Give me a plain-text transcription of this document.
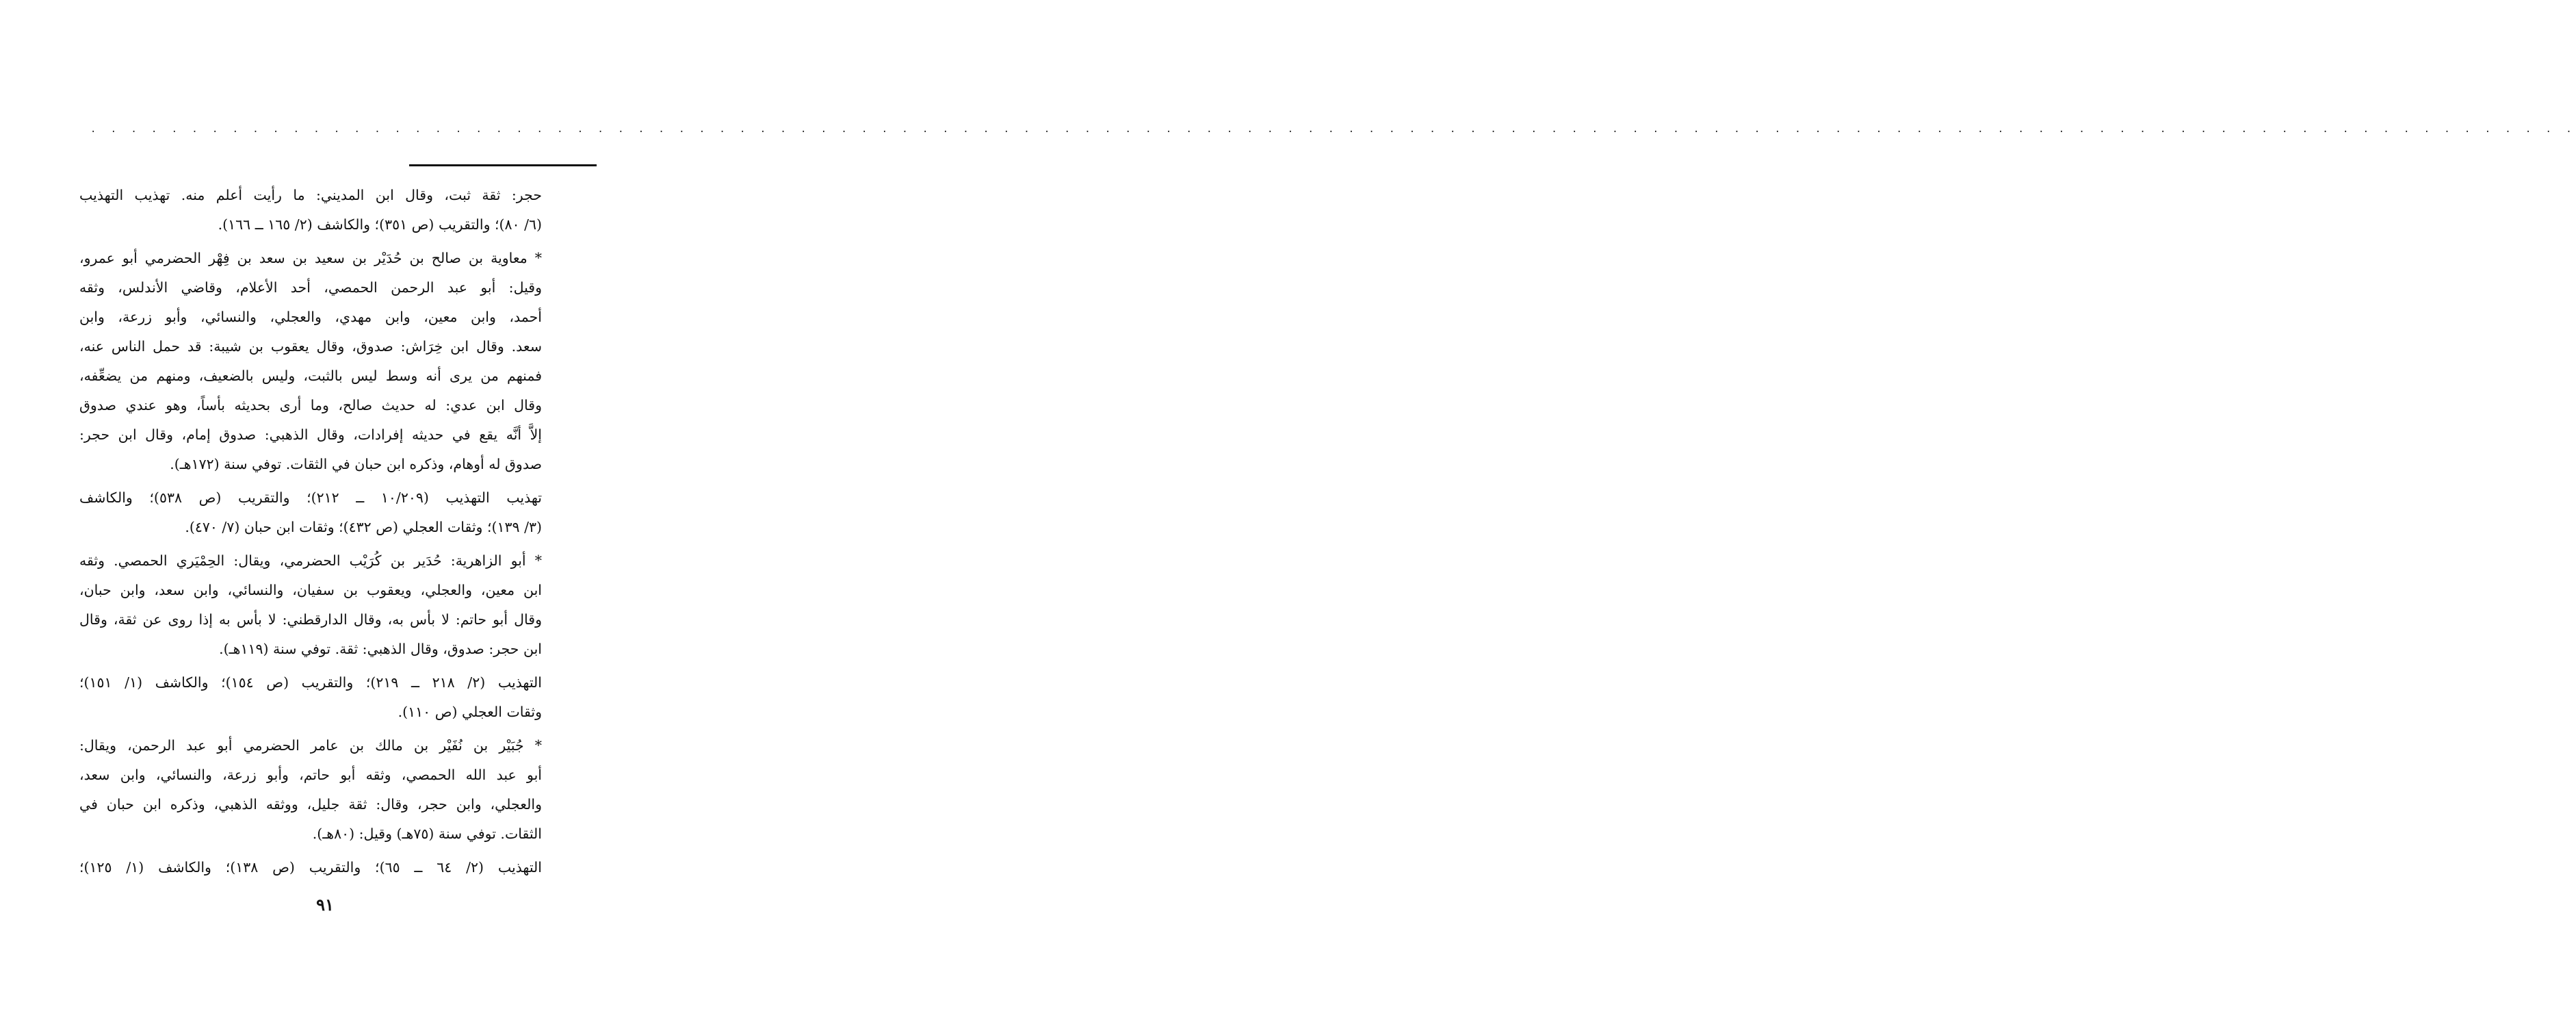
. . . . . . . . . . . . . . . . . . . . . . . . . . . . . . . . . . . . . . . . . . . . . . . . . . . . . . . . . . . . . . . . . . . . . . . . . . . . . . . . . . . . . . . . . . . . . . . . . . . . . . . . . . . . . . . . . . . . . . . . . . .
حجر: ثقة ثبت، وقال ابن المديني: ما رأيت أعلم منه. تهذيب التهذيب
(٦/ ٨٠)؛ والتقريب (ص ٣٥١)؛ والكاشف (٢/ ١٦٥ ــ ١٦٦).
* معاوية بن صالح بن حُدَيْر بن سعيد بن سعد بن فِهْر الحضرمي أبو عمرو،
وقيل: أبو عبد الرحمن الحمصي، أحد الأعلام، وقاضي الأندلس، وثقه
أحمد، وابن معين، وابن مهدي، والعجلي، والنسائي، وأبو زرعة، وابن
سعد. وقال ابن خِرَاش: صدوق، وقال يعقوب بن شيبة: قد حمل الناس عنه،
فمنهم من يرى أنه وسط ليس بالثبت، وليس بالضعيف، ومنهم من يضعِّفه،
وقال ابن عدي: له حديث صالح، وما أرى بحديثه بأساً، وهو عندي صدوق
إلاَّ أنَّه يقع في حديثه إفرادات، وقال الذهبي: صدوق إمام، وقال ابن حجر:
صدوق له أوهام، وذكره ابن حبان في الثقات. توفي سنة (١٧٢هـ).
تهذيب التهذيب (١٠/٢٠٩ ــ ٢١٢)؛ والتقريب (ص ٥٣٨)؛ والكاشف
(٣/ ١٣٩)؛ وثقات العجلي (ص ٤٣٢)؛ وثقات ابن حبان (٧/ ٤٧٠).
* أبو الزاهرية: حُدَير بن كُرَيْب الحضرمي، ويقال: الحِمْيَري الحمصي. وثقه
ابن معين، والعجلي، ويعقوب بن سفيان، والنسائي، وابن سعد، وابن حبان،
وقال أبو حاتم: لا بأس به، وقال الدارقطني: لا بأس به إذا روى عن ثقة، وقال
ابن حجر: صدوق، وقال الذهبي: ثقة. توفي سنة (١١٩هـ).
التهذيب (٢/ ٢١٨ ــ ٢١٩)؛ والتقريب (ص ١٥٤)؛ والكاشف (١/ ١٥١)؛
وثقات العجلي (ص ١١٠).
* جُبَيْر بن نُفَيْر بن مالك بن عامر الحضرمي أبو عبد الرحمن، ويقال:
أبو عبد الله الحمصي، وثقه أبو حاتم، وأبو زرعة، والنسائي، وابن سعد،
والعجلي، وابن حجر، وقال: ثقة جليل، ووثقه الذهبي، وذكره ابن حبان في
الثقات. توفي سنة (٧٥هـ) وقيل: (٨٠هـ).
التهذيب (٢/ ٦٤ ــ ٦٥)؛ والتقريب (ص ١٣٨)؛ والكاشف (١/ ١٢٥)؛
٩١
